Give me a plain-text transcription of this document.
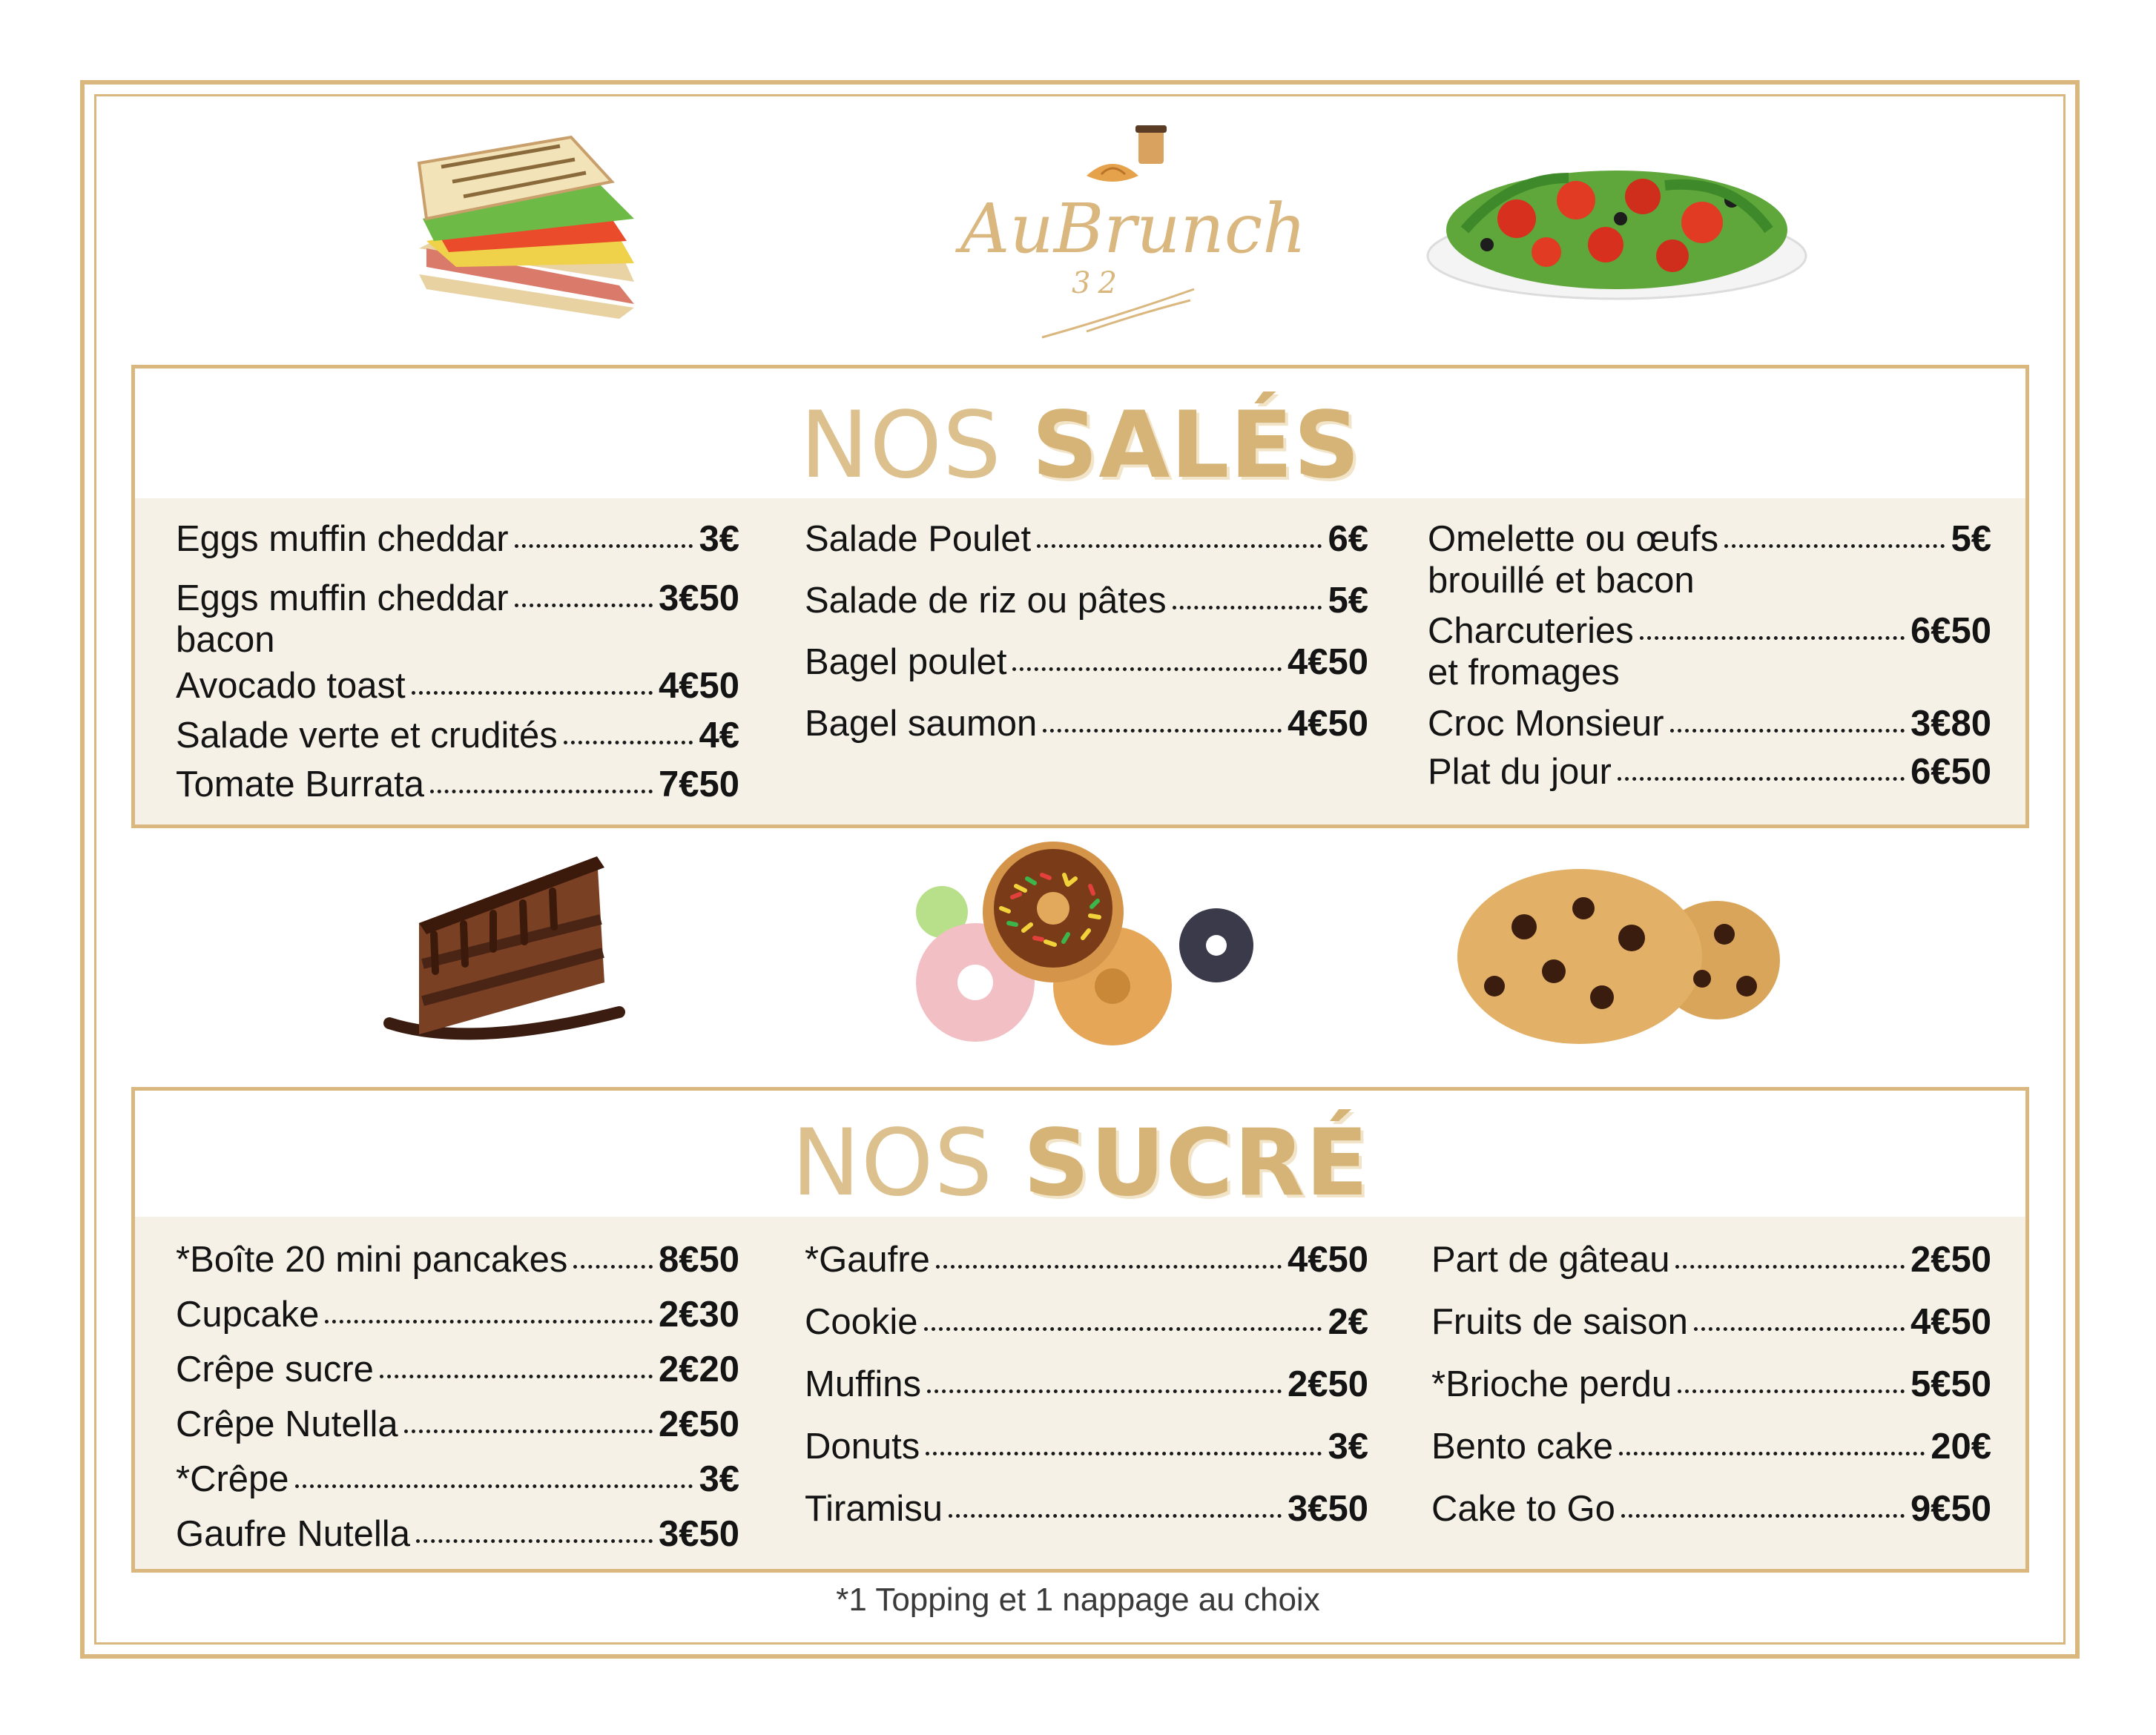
AuBrunch
32
NOS SALÉS
Eggs muffin cheddar	3€
Eggs muffin cheddar	3€50
bacon
Avocado toast	4€50
Salade verte et crudités	4€
Tomate Burrata	7€50
Salade Poulet	6€
Salade de riz ou pâtes	5€
Bagel poulet	4€50
Bagel saumon	4€50
Omelette ou œufs	5€
brouillé et bacon
Charcuteries	6€50
et fromages
Croc Monsieur	3€80
Plat du jour	6€50
NOS SUCRÉ
*Boîte 20 mini pancakes	8€50
Cupcake	2€30
Crêpe sucre	2€20
Crêpe Nutella	2€50
*Crêpe	3€
Gaufre Nutella	3€50
*Gaufre	4€50
Cookie	2€
Muffins	2€50
Donuts	3€
Tiramisu	3€50
Part de gâteau	2€50
Fruits de saison	4€50
*Brioche perdu	5€50
Bento cake	20€
Cake to Go	9€50
*1 Topping et 1 nappage au choix
